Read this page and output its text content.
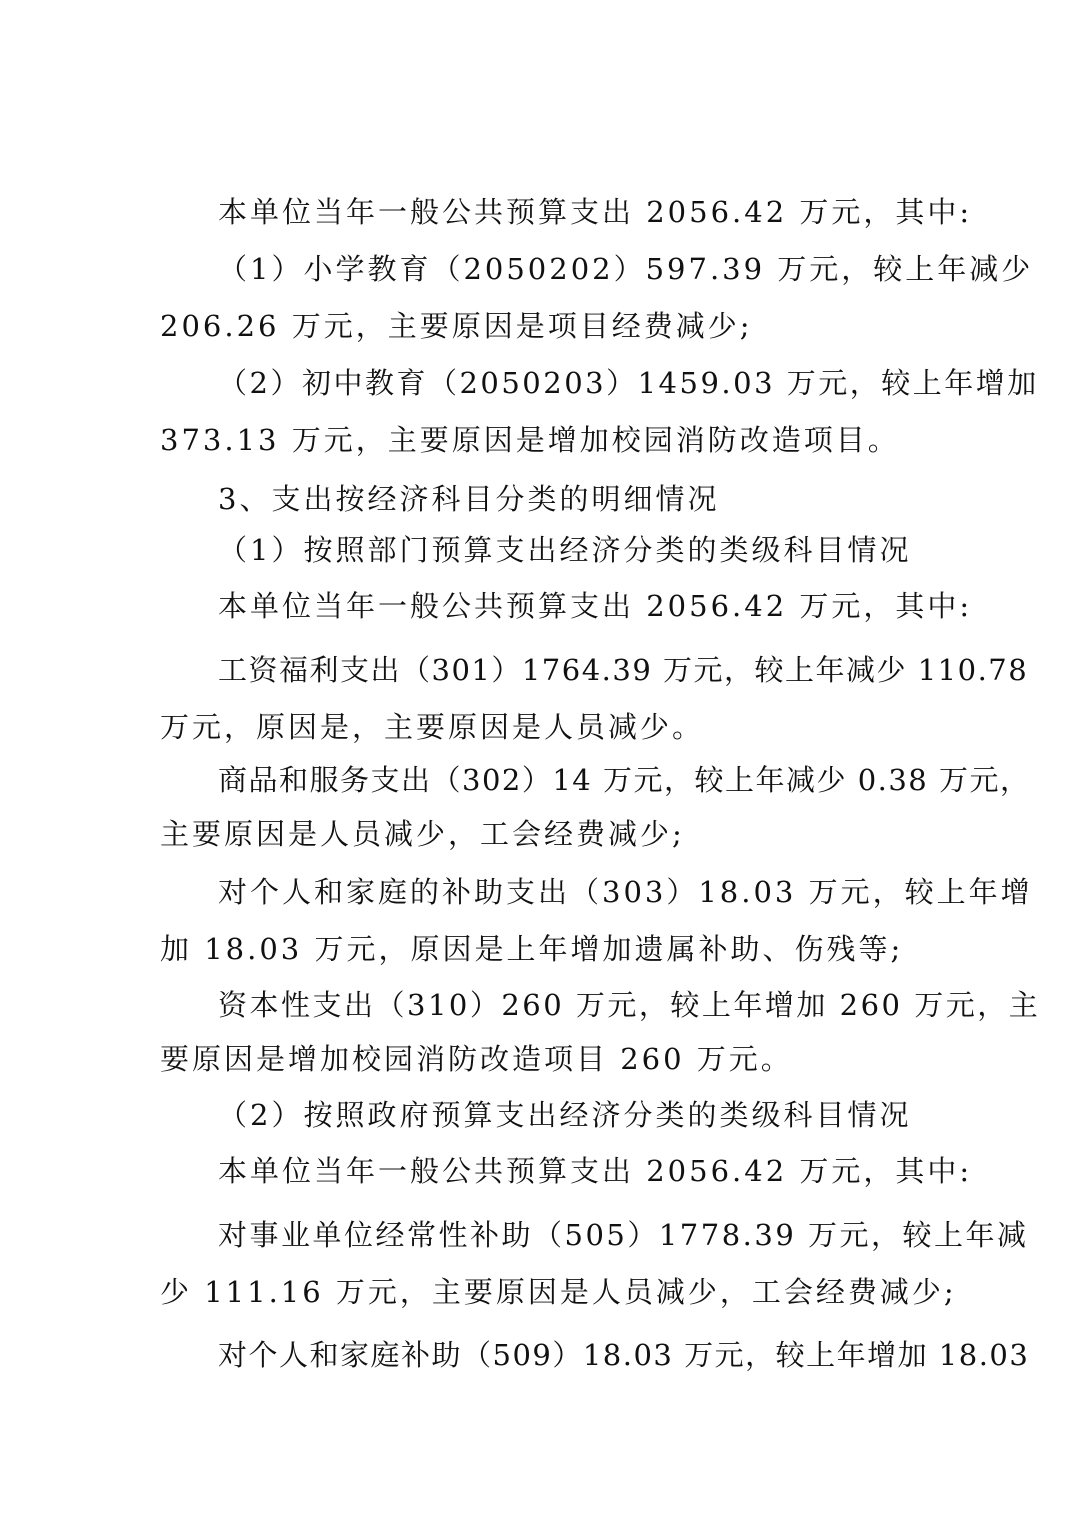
本单位当年一般公共预算支出 2056.42 万元，其中:
（1）小学教育（2050202）597.39 万元，较上年减少
206.26 万元，主要原因是项目经费减少;
（2）初中教育（2050203）1459.03 万元，较上年增加
373.13 万元，主要原因是增加校园消防改造项目。
3、支出按经济科目分类的明细情况
（1）按照部门预算支出经济分类的类级科目情况
本单位当年一般公共预算支出 2056.42 万元，其中:
工资福利支出（301）1764.39 万元，较上年减少 110.78
万元，原因是，主要原因是人员减少。
商品和服务支出（302）14 万元，较上年减少 0.38 万元，
主要原因是人员减少，工会经费减少;
对个人和家庭的补助支出（303）18.03 万元，较上年增
加 18.03 万元，原因是上年增加遗属补助、伤残等;
资本性支出（310）260 万元，较上年增加 260 万元，主
要原因是增加校园消防改造项目 260 万元。
（2）按照政府预算支出经济分类的类级科目情况
本单位当年一般公共预算支出 2056.42 万元，其中:
对事业单位经常性补助（505）1778.39 万元，较上年减
少 111.16 万元，主要原因是人员减少，工会经费减少;
对个人和家庭补助（509）18.03 万元，较上年增加 18.03
